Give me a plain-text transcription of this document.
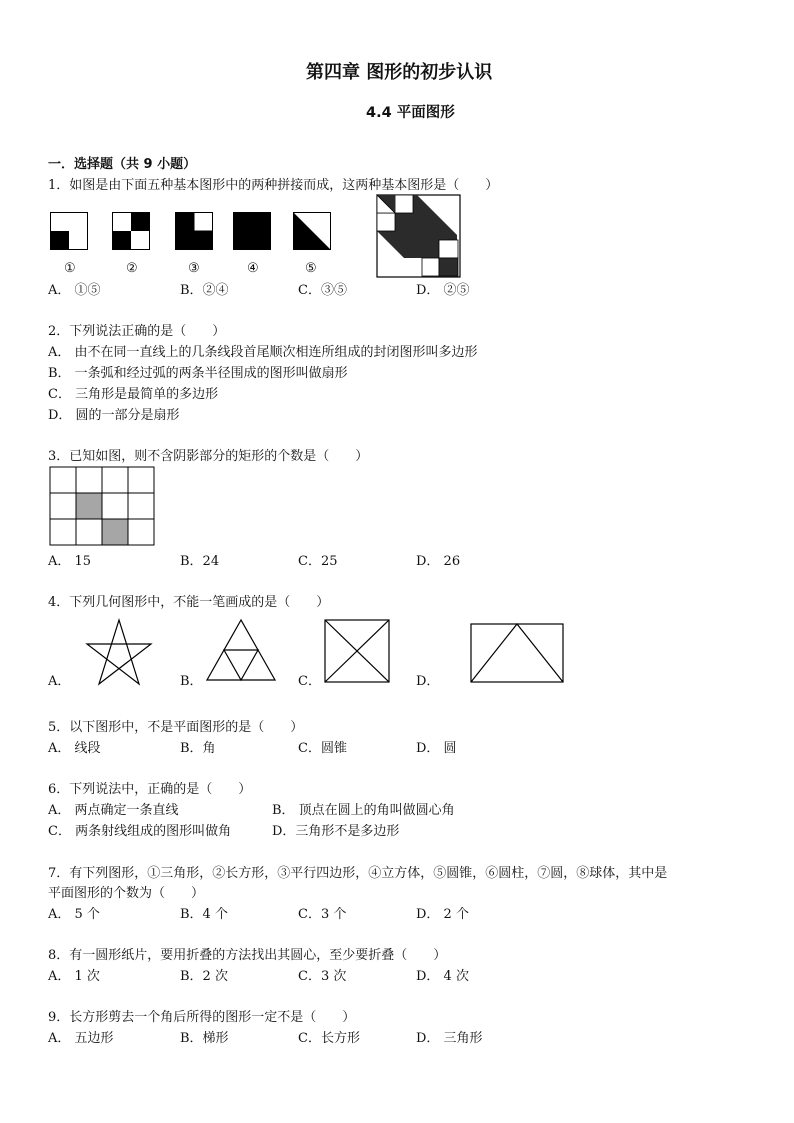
第四章 图形的初步认识
4.4 平面图形
一．选择题（共 9 小题）
1．如图是由下面五种基本图形中的两种拼接而成，这两种基本图形是（　　）
①	②	③	④	⑤
A． ①⑤	B．②④	C．③⑤	D． ②⑤
2．下列说法正确的是（　　）
A． 由不在同一直线上的几条线段首尾顺次相连所组成的封闭图形叫多边形
B． 一条弧和经过弧的两条半径围成的图形叫做扇形
C． 三角形是最简单的多边形
D． 圆的一部分是扇形
3．已知如图，则不含阴影部分的矩形的个数是（　　）
A． 15	B．24	C．25	D． 26
4．下列几何图形中，不能一笔画成的是（　　）
A．	B．	C．	D．
5．以下图形中，不是平面图形的是（　　）
A． 线段	B．角	C．圆锥	D． 圆
6．下列说法中，正确的是（　　）
A． 两点确定一条直线	B． 顶点在圆上的角叫做圆心角
C． 两条射线组成的图形叫做角	D．三角形不是多边形
7．有下列图形，①三角形，②长方形，③平行四边形，④立方体，⑤圆锥，⑥圆柱，⑦圆，⑧球体，其中是
平面图形的个数为（　　）
A． 5 个	B．4 个	C．3 个	D． 2 个
8．有一圆形纸片，要用折叠的方法找出其圆心，至少要折叠（　　）
A． 1 次	B．2 次	C．3 次	D． 4 次
9．长方形剪去一个角后所得的图形一定不是（　　）
A． 五边形	B．梯形	C．长方形	D． 三角形
